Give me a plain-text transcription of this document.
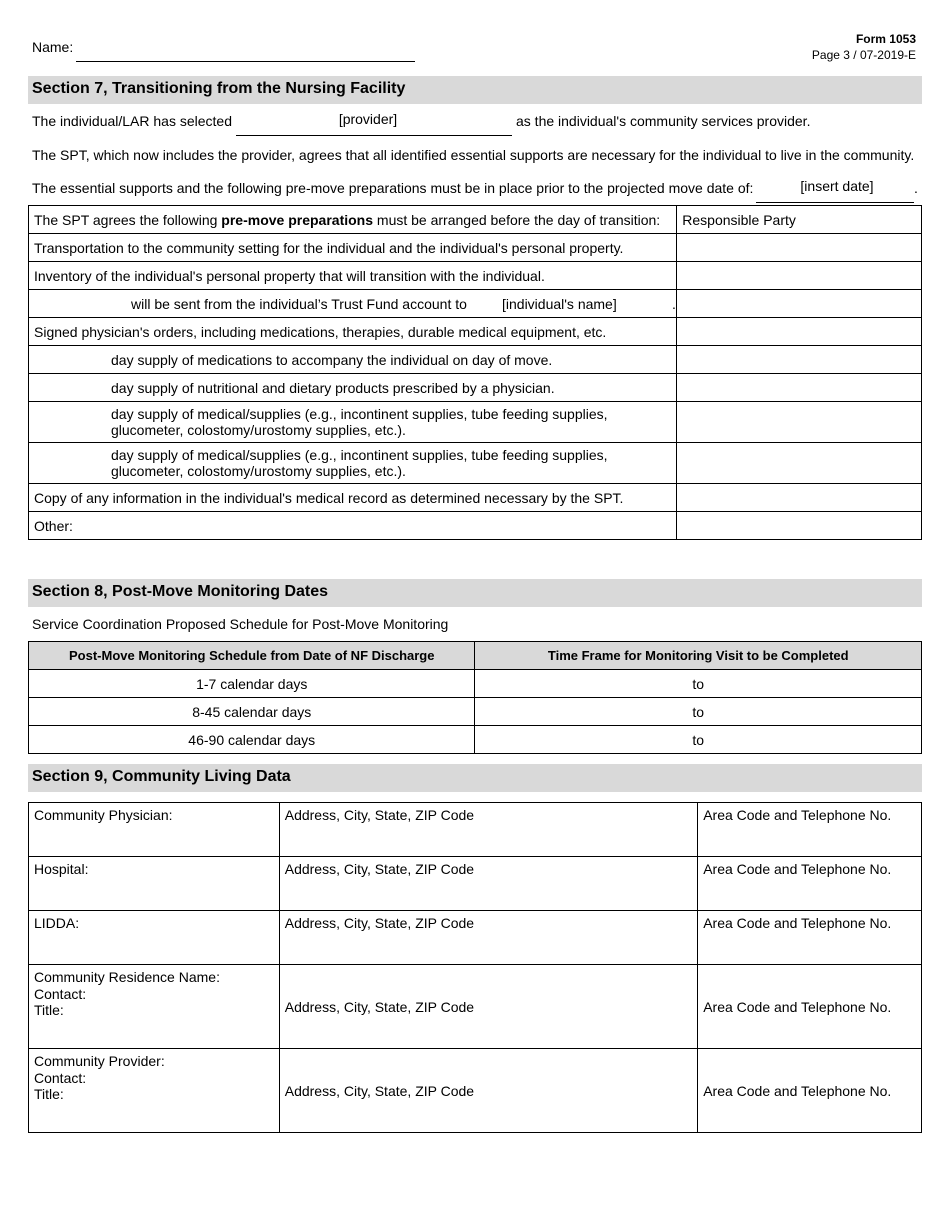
Name:	Form 1053
Page 3 / 07-2019-E
Section 7, Transitioning from the Nursing Facility
The individual/LAR has selected	[provider]	as the individual's community services provider.
The SPT, which now includes the provider, agrees that all identified essential supports are necessary for the individual to live in the community.
The essential supports and the following pre-move preparations must be in place prior to the projected move date of:	[insert date]	.
The SPT agrees the following pre-move preparations must be arranged before the day of transition:	Responsible Party
Transportation to the community setting for the individual and the individual's personal property.	
Inventory of the individual's personal property that will transition with the individual.	
will be sent from the individual’s Trust Fund account to [individual's name] .	

Signed physician's orders, including medications, therapies, durable medical equipment, etc.	
day supply of medications to accompany the individual on day of move.	
day supply of nutritional and dietary products prescribed by a physician.	
day supply of medical/supplies (e.g., incontinent supplies, tube feeding supplies, glucometer, colostomy/urostomy supplies, etc.).	
day supply of medical/supplies (e.g., incontinent supplies, tube feeding supplies, glucometer, colostomy/urostomy supplies, etc.).	
Copy of any information in the individual's medical record as determined necessary by the SPT.	
Other:	
Section 8, Post-Move Monitoring Dates
Service Coordination Proposed Schedule for Post-Move Monitoring
Post-Move Monitoring Schedule from Date of NF Discharge	Time Frame for Monitoring Visit to be Completed
1-7 calendar days	to
8-45 calendar days	to
46-90 calendar days	to
Section 9, Community Living Data
Community Physician:	Address, City, State, ZIP Code	Area Code and Telephone No.
Hospital:	Address, City, State, ZIP Code	Area Code and Telephone No.
LIDDA:	Address, City, State, ZIP Code	Area Code and Telephone No.

Community Residence Name:
Contact:
Title:	Address, City, State, ZIP Code	Area Code and Telephone No.

Community Provider:
Contact:
Title:	Address, City, State, ZIP Code	Area Code and Telephone No.
